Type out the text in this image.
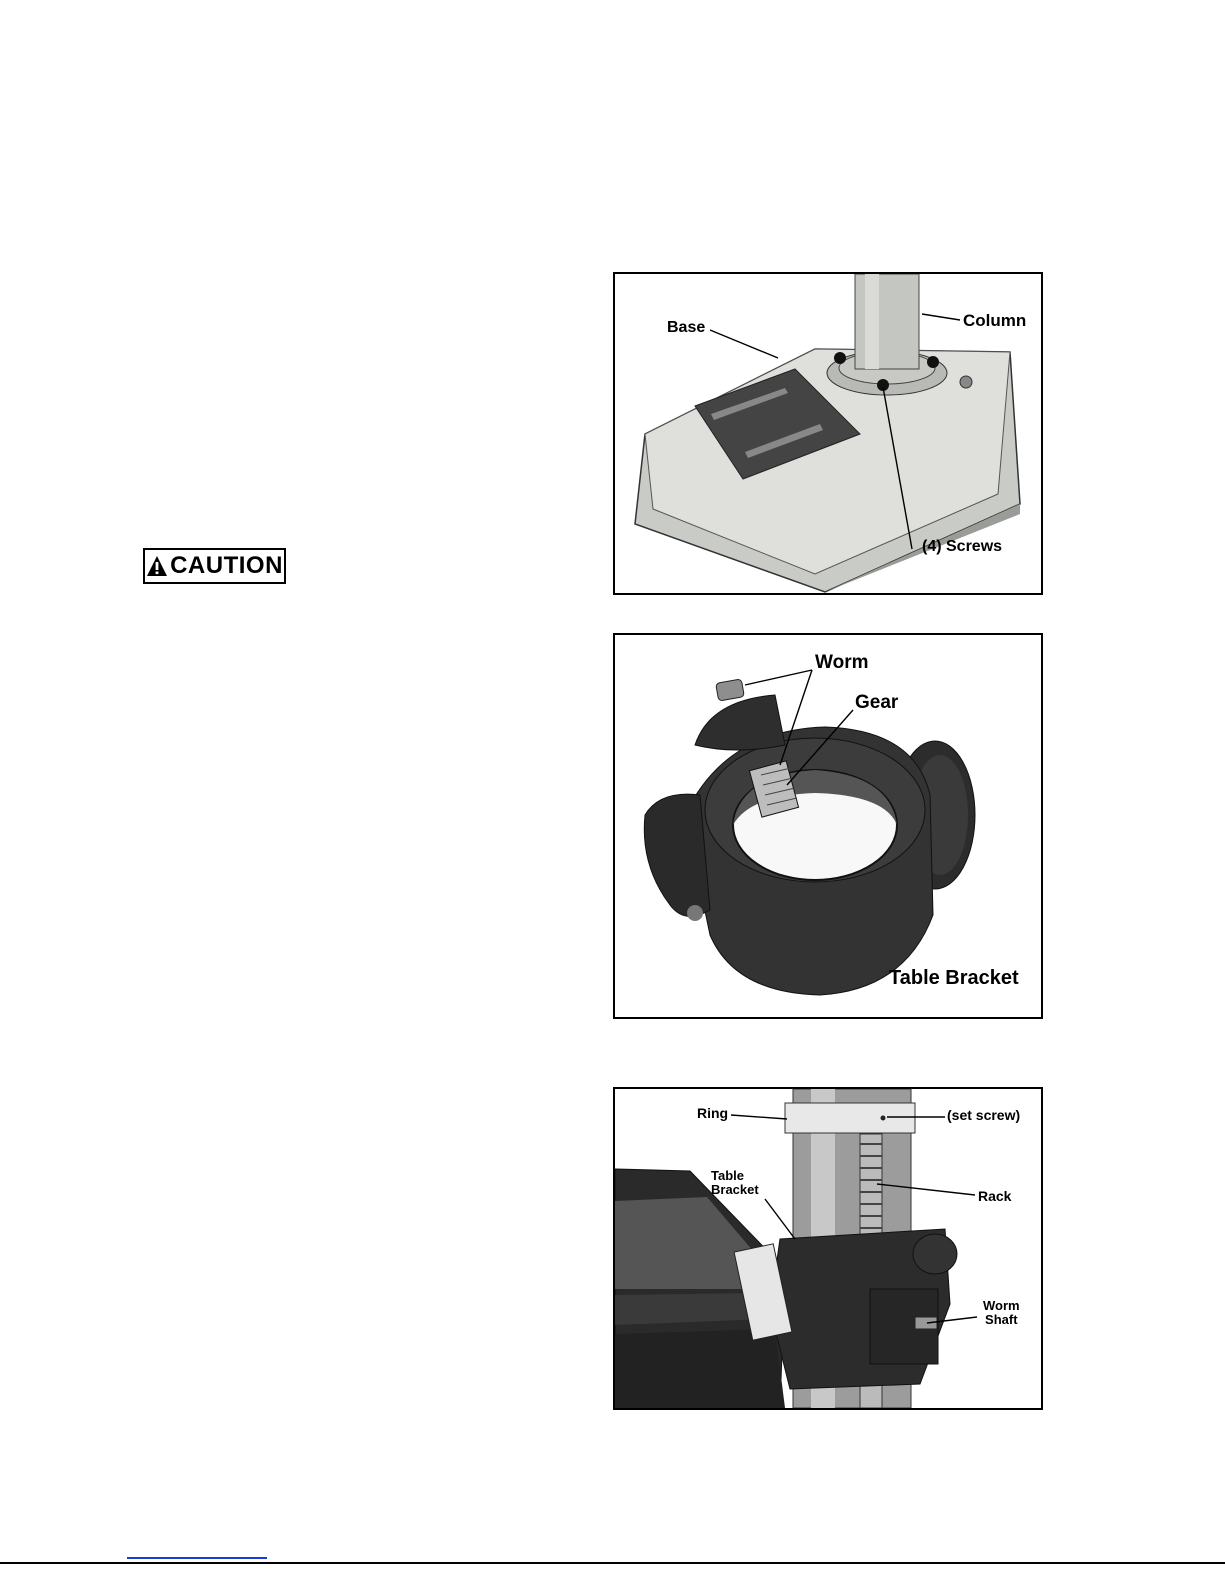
CAUTION
Base	Column
(4) Screws
Worm
Gear
Table Bracket
Ring	(set screw)
Table
Bracket	Rack
Worm
Shaft
